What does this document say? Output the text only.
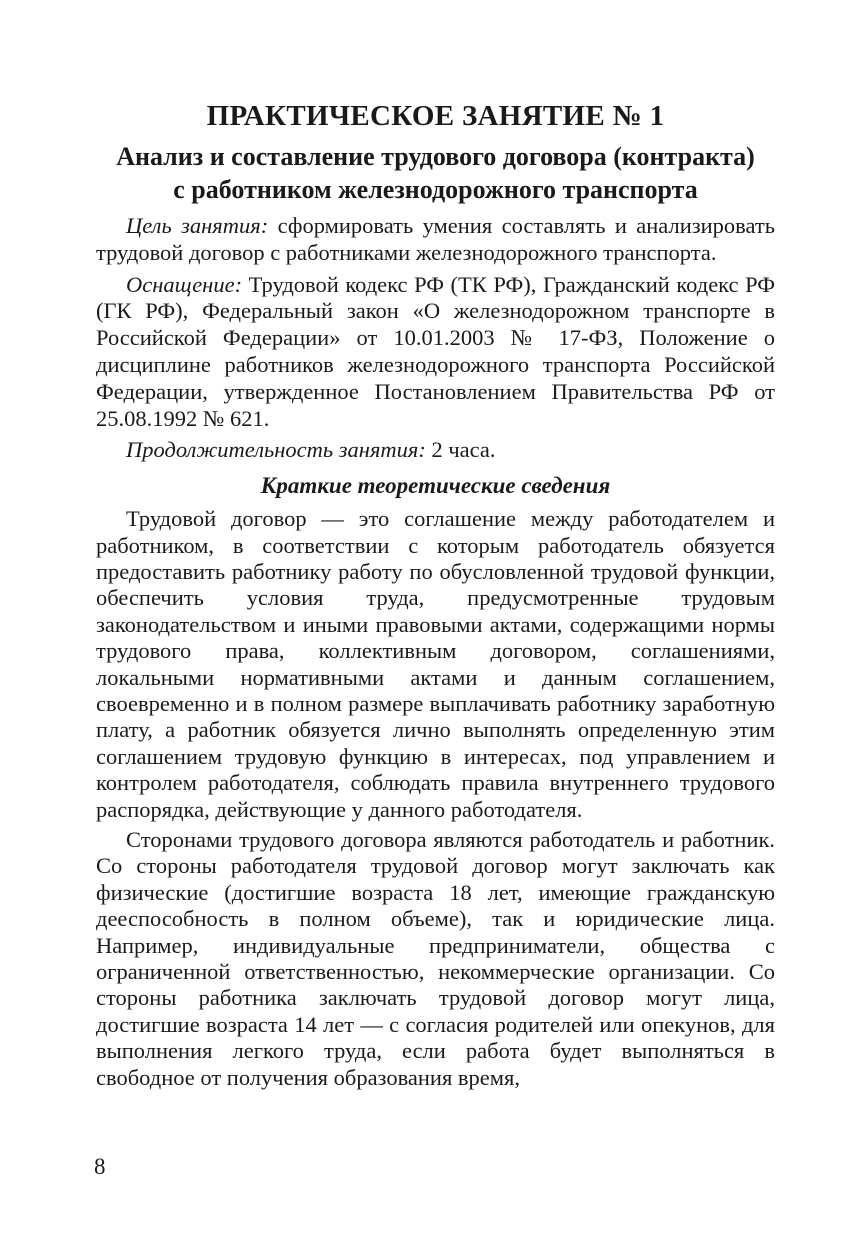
ПРАКТИЧЕСКОЕ ЗАНЯТИЕ № 1
Анализ и составление трудового договора (контракта)
с работником железнодорожного транспорта

Цель занятия: сформировать умения составлять и анализировать трудовой договор с работниками железнодорожного транспорта.

Оснащение: Трудовой кодекс РФ (ТК РФ), Гражданский кодекс РФ (ГК РФ), Федеральный закон «О железнодорожном транспорте в Российской Федерации» от 10.01.2003 № 17-ФЗ, Положение о дисциплине работников железнодорожного транспорта Российской Федерации, утвержденное Постановлением Правительства РФ от 25.08.1992 № 621.

Продолжительность занятия: 2 часа.

Краткие теоретические сведения

Трудовой договор — это соглашение между работодателем и работником, в соответствии с которым работодатель обязуется предоставить работнику работу по обусловленной трудовой функции, обеспечить условия труда, предусмотренные трудовым законодательством и иными правовыми актами, содержащими нормы трудового права, коллективным договором, соглашениями, локальными нормативными актами и данным соглашением, своевременно и в полном размере выплачивать работнику заработную плату, а работник обязуется лично выполнять определенную этим соглашением трудовую функцию в интересах, под управлением и контролем работодателя, соблюдать правила внутреннего трудового распорядка, действующие у данного работодателя.

Сторонами трудового договора являются работодатель и работник. Со стороны работодателя трудовой договор могут заключать как физические (достигшие возраста 18 лет, имеющие гражданскую дееспособность в полном объеме), так и юридические лица. Например, индивидуальные предприниматели, общества с ограниченной ответственностью, некоммерческие организации. Со стороны работника заключать трудовой договор могут лица, достигшие возраста 14 лет — с согласия родителей или опекунов, для выполнения легкого труда, если работа будет выполняться в свободное от получения образования время,

8
